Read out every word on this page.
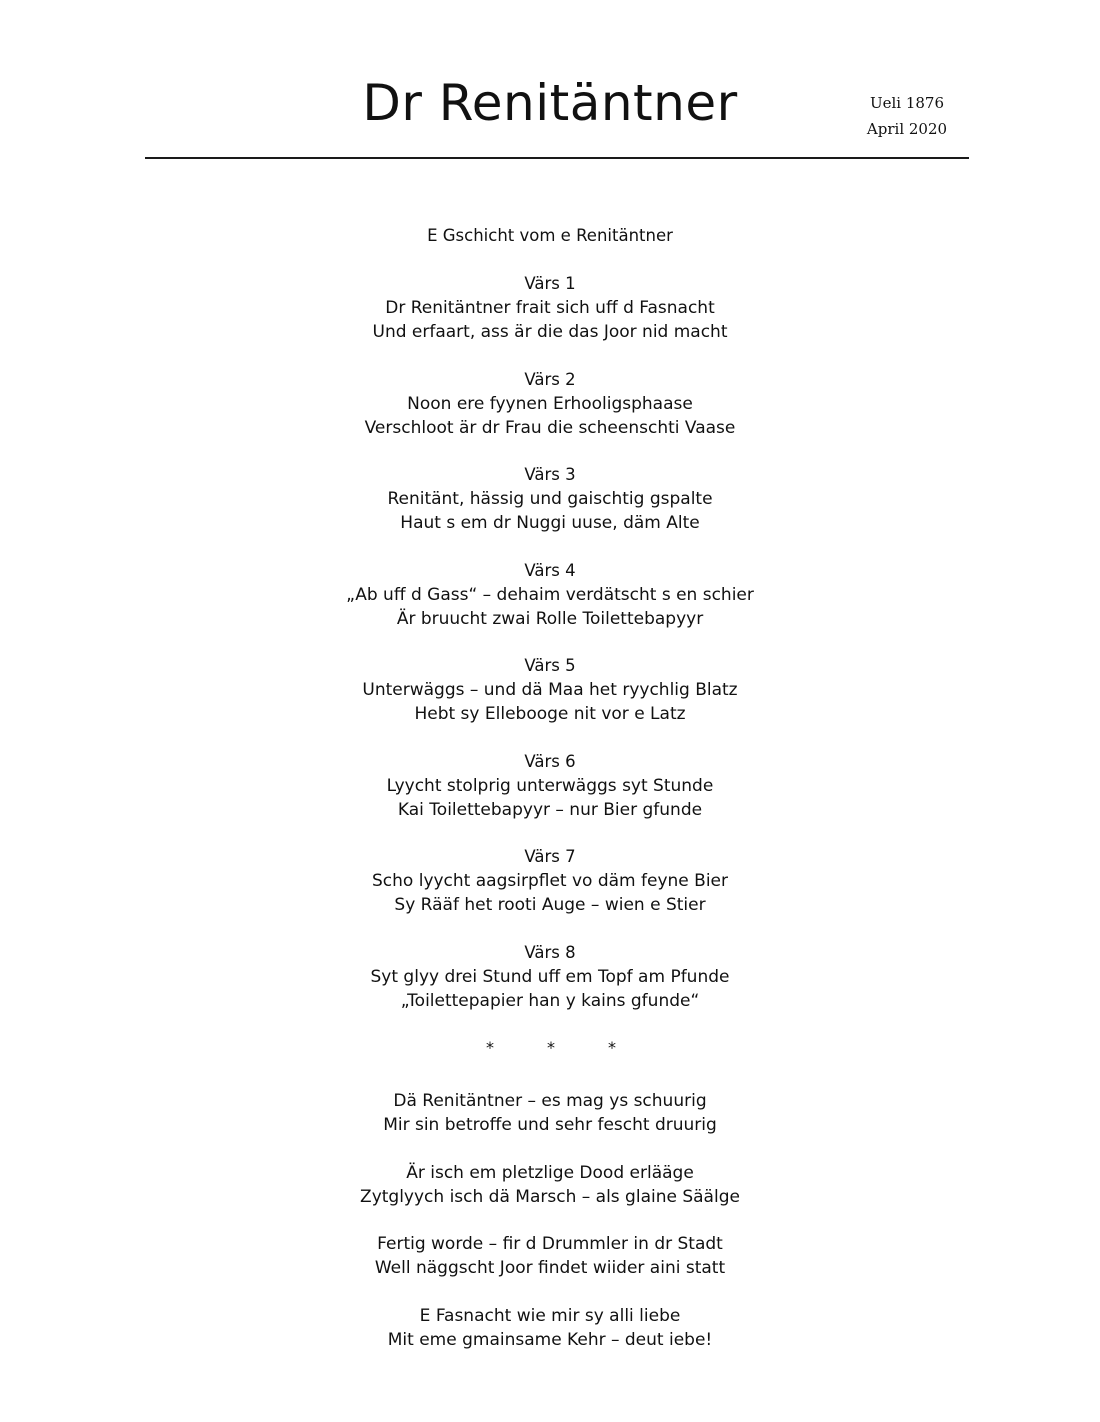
Dr Renitäntner	Ueli 1876
April 2020

E Gschicht vom e Renitäntner

Värs 1

Dr Renitäntner frait sich uff d Fasnacht
Und erfaart, ass är die das Joor nid macht

Värs 2

Noon ere fyynen Erhooligsphaase
Verschloot är dr Frau die scheenschti Vaase

Värs 3

Renitänt, hässig und gaischtig gspalte
Haut s em dr Nuggi uuse, däm Alte

Värs 4

„Ab uff d Gass“ – dehaim verdätscht s en schier
Är bruucht zwai Rolle Toilettebapyyr

Värs 5

Unterwäggs – und dä Maa het ryychlig Blatz
Hebt sy Ellebooge nit vor e Latz

Värs 6

Lyycht stolprig unterwäggs syt Stunde
Kai Toilettebapyyr – nur Bier gfunde

Värs 7

Scho lyycht aagsirpflet vo däm feyne Bier
Sy Rääf het rooti Auge – wien e Stier

Värs 8

Syt glyy drei Stund uff em Topf am Pfunde
„Toilettepapier han y kains gfunde“
*	*	*
Dä Renitäntner – es mag ys schuurig
Mir sin betroffe und sehr fescht druurig
Är isch em pletzlige Dood erlääge
Zytglyych isch dä Marsch – als glaine Säälge
Fertig worde – fir d Drummler in dr Stadt
Well näggscht Joor findet wiider aini statt
E Fasnacht wie mir sy alli liebe
Mit eme gmainsame Kehr – deut iebe!
